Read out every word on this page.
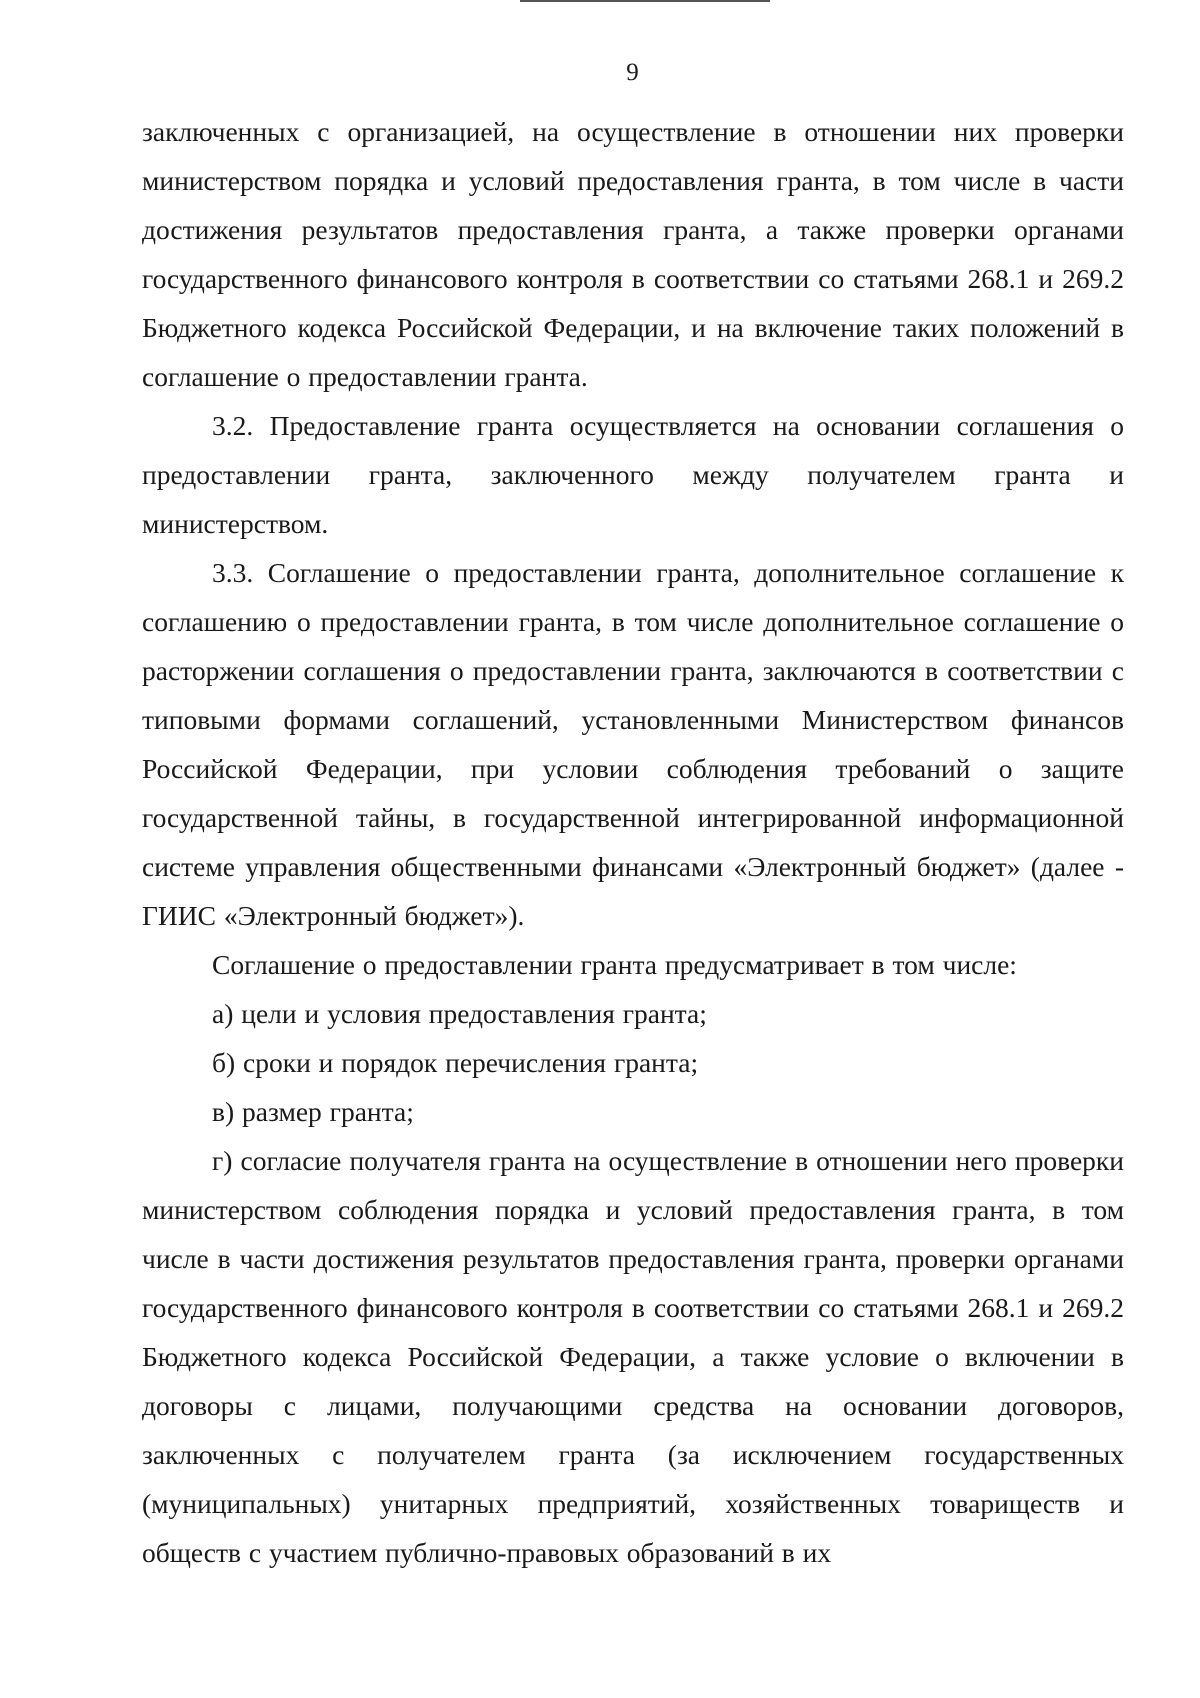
9

заключенных с организацией, на осуществление в отношении них проверки министерством порядка и условий предоставления гранта, в том числе в части достижения результатов предоставления гранта, а также проверки органами государственного финансового контроля в соответствии со статьями 268.1 и 269.2 Бюджетного кодекса Российской Федерации, и на включение таких положений в соглашение о предоставлении гранта.

3.2. Предоставление гранта осуществляется на основании соглашения о предоставлении гранта, заключенного между получателем гранта и министерством.

3.3. Соглашение о предоставлении гранта, дополнительное соглашение к соглашению о предоставлении гранта, в том числе дополнительное соглашение о расторжении соглашения о предоставлении гранта, заключаются в соответствии с типовыми формами соглашений, установленными Министерством финансов Российской Федерации, при условии соблюдения требований о защите государственной тайны, в государственной интегрированной информационной системе управления общественными финансами «Электронный бюджет» (далее - ГИИС «Электронный бюджет»).

Соглашение о предоставлении гранта предусматривает в том числе:

а) цели и условия предоставления гранта;

б) сроки и порядок перечисления гранта;

в) размер гранта;

г) согласие получателя гранта на осуществление в отношении него проверки министерством соблюдения порядка и условий предоставления гранта, в том числе в части достижения результатов предоставления гранта, проверки органами государственного финансового контроля в соответствии со статьями 268.1 и 269.2 Бюджетного кодекса Российской Федерации, а также условие о включении в договоры с лицами, получающими средства на основании договоров, заключенных с получателем гранта (за исключением государственных (муниципальных) унитарных предприятий, хозяйственных товариществ и обществ с участием публично-правовых образований в их
